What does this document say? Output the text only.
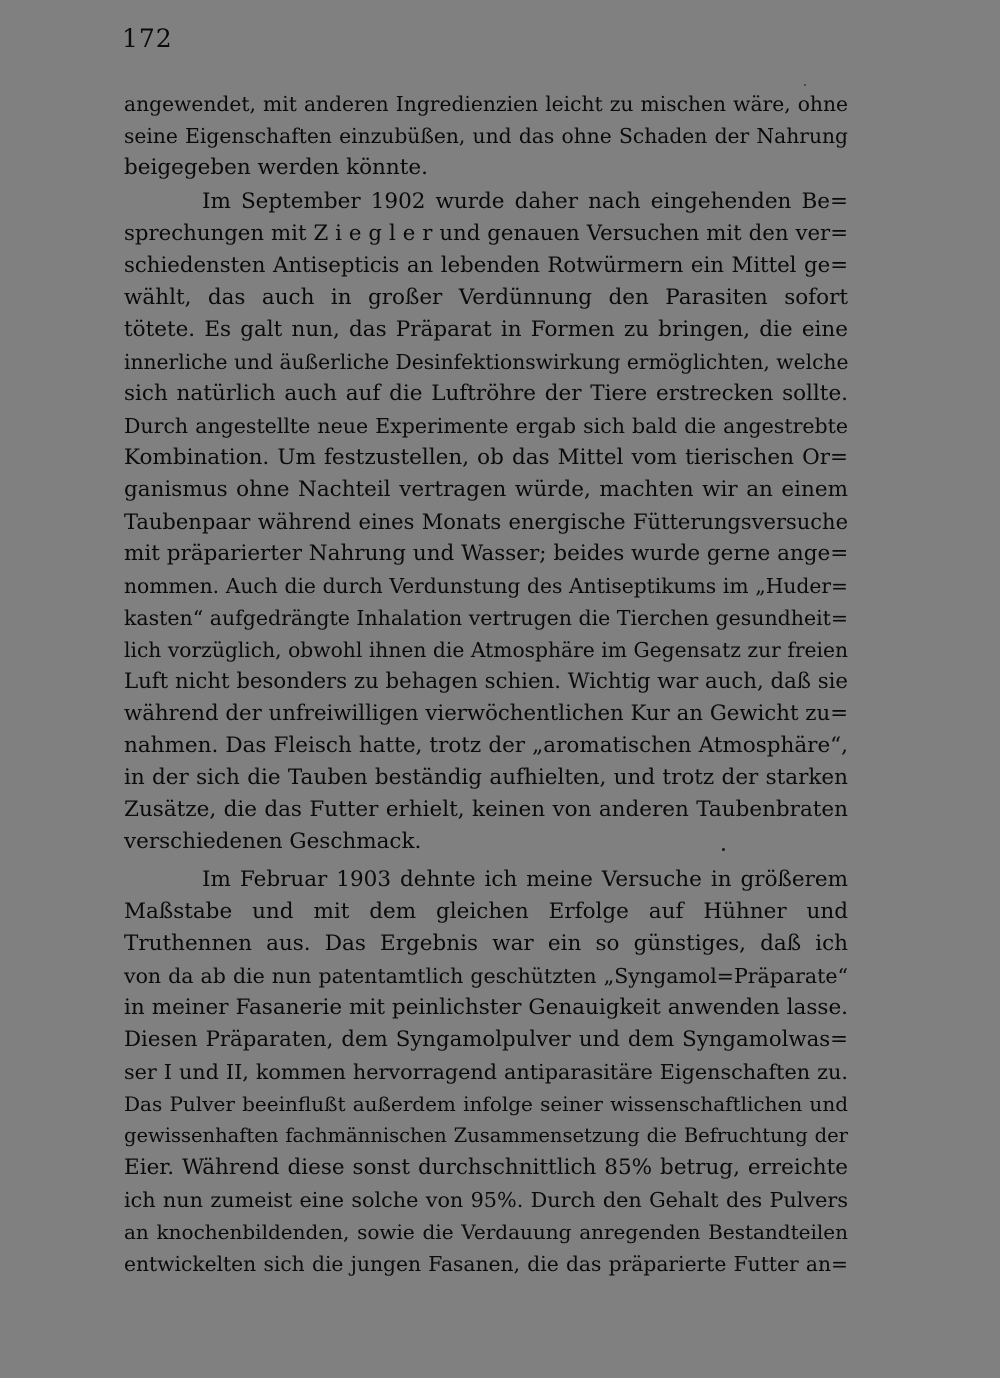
172
angewendet, mit anderen Ingredienzien leicht zu mischen wäre, ohne
seine Eigenschaften einzubüßen, und das ohne Schaden der Nahrung
beigegeben werden könnte.
Im September 1902 wurde daher nach eingehenden Be=
sprechungen mit Z i e g l e r und genauen Versuchen mit den ver=
schiedensten Antisepticis an lebenden Rotwürmern ein Mittel ge=
wählt, das auch in großer Verdünnung den Parasiten sofort
tötete. Es galt nun, das Präparat in Formen zu bringen, die eine
innerliche und äußerliche Desinfektionswirkung ermöglichten, welche
sich natürlich auch auf die Luftröhre der Tiere erstrecken sollte.
Durch angestellte neue Experimente ergab sich bald die angestrebte
Kombination. Um festzustellen, ob das Mittel vom tierischen Or=
ganismus ohne Nachteil vertragen würde, machten wir an einem
Taubenpaar während eines Monats energische Fütterungsversuche
mit präparierter Nahrung und Wasser; beides wurde gerne ange=
nommen. Auch die durch Verdunstung des Antiseptikums im „Huder=
kasten“ aufgedrängte Inhalation vertrugen die Tierchen gesundheit=
lich vorzüglich, obwohl ihnen die Atmosphäre im Gegensatz zur freien
Luft nicht besonders zu behagen schien. Wichtig war auch, daß sie
während der unfreiwilligen vierwöchentlichen Kur an Gewicht zu=
nahmen. Das Fleisch hatte, trotz der „aromatischen Atmosphäre“,
in der sich die Tauben beständig aufhielten, und trotz der starken
Zusätze, die das Futter erhielt, keinen von anderen Taubenbraten
verschiedenen Geschmack.
Im Februar 1903 dehnte ich meine Versuche in größerem
Maßstabe und mit dem gleichen Erfolge auf Hühner und
Truthennen aus. Das Ergebnis war ein so günstiges, daß ich
von da ab die nun patentamtlich geschützten „Syngamol=Präparate“
in meiner Fasanerie mit peinlichster Genauigkeit anwenden lasse.
Diesen Präparaten, dem Syngamolpulver und dem Syngamolwas=
ser I und II, kommen hervorragend antiparasitäre Eigenschaften zu.
Das Pulver beeinflußt außerdem infolge seiner wissenschaftlichen und
gewissenhaften fachmännischen Zusammensetzung die Befruchtung der
Eier. Während diese sonst durchschnittlich 85% betrug, erreichte
ich nun zumeist eine solche von 95%. Durch den Gehalt des Pulvers
an knochenbildenden, sowie die Verdauung anregenden Bestandteilen
entwickelten sich die jungen Fasanen, die das präparierte Futter an=
